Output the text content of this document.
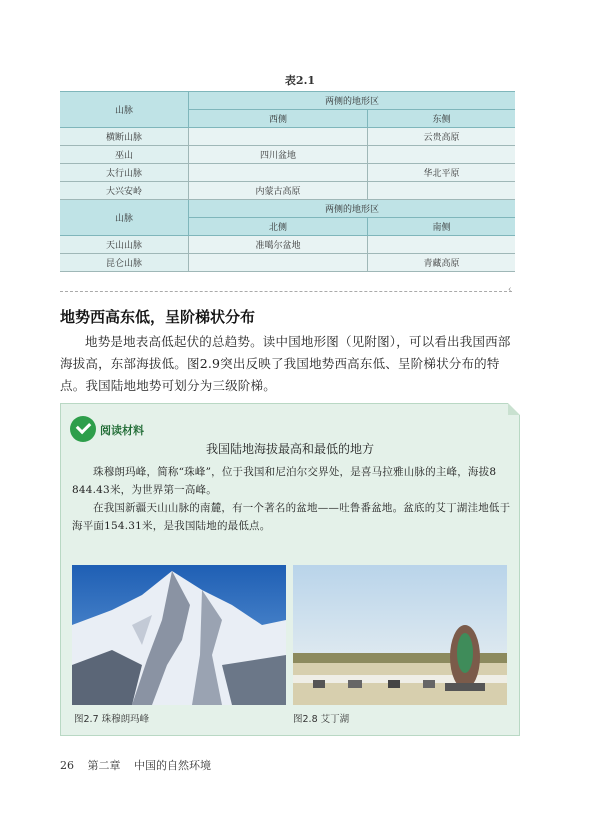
表2.1
山脉	两侧的地形区	
	西侧	东侧
横断山脉		云贵高原
巫山	四川盆地	
太行山脉		华北平原
大兴安岭	内蒙古高原	
山脉	两侧的地形区	
	北侧	南侧
天山山脉	准噶尔盆地	
昆仑山脉		青藏高原
‹
地势西高东低，呈阶梯状分布
地势是地表高低起伏的总趋势。读中国地形图（见附图），可以看出我国西部海拔高，东部海拔低。图2.9突出反映了我国地势西高东低、呈阶梯状分布的特点。我国陆地地势可划分为三级阶梯。
阅读材料
我国陆地海拔最高和最低的地方

珠穆朗玛峰，简称“珠峰”，位于我国和尼泊尔交界处，是喜马拉雅山脉的主峰，海拔8 844.43米，为世界第一高峰。

在我国新疆天山山脉的南麓，有一个著名的盆地——吐鲁番盆地。盆底的艾丁湖洼地低于海平面154.31米，是我国陆地的最低点。

图2.7 珠穆朗玛峰	图2.8 艾丁湖
26 第二章 中国的自然环境
